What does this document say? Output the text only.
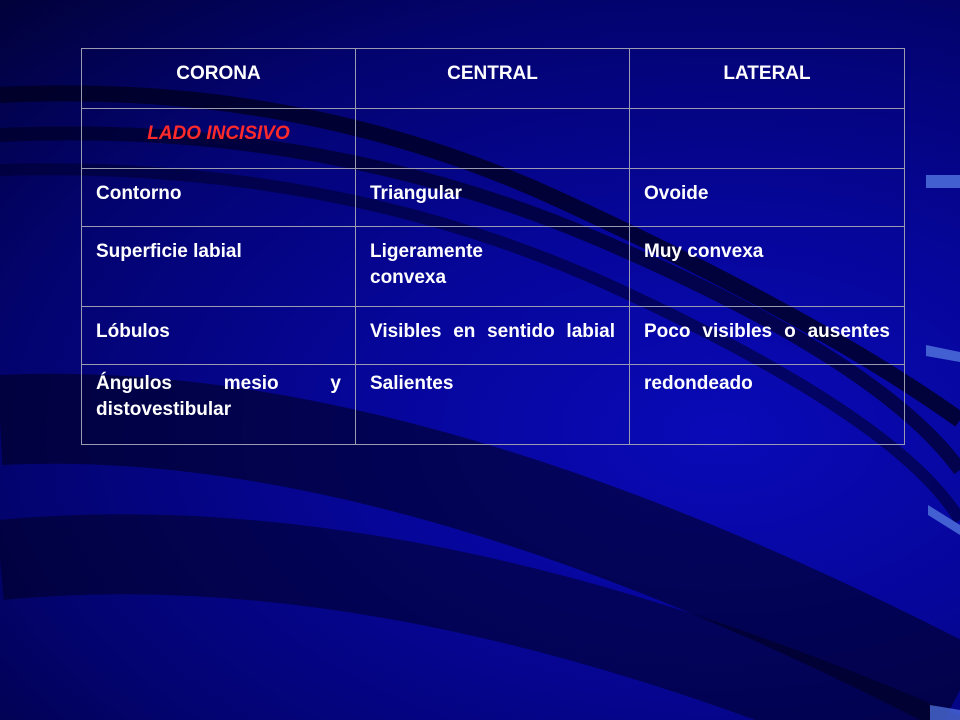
CORONA	CENTRAL	LATERAL
LADO INCISIVO		
Contorno	Triangular	Ovoide
Superficie labial	Ligeramente convexa	Muy convexa
Lóbulos	Visibles en sentido labial	Poco visibles o ausentes
Ángulos mesio y distovestibular	Salientes	redondeado
